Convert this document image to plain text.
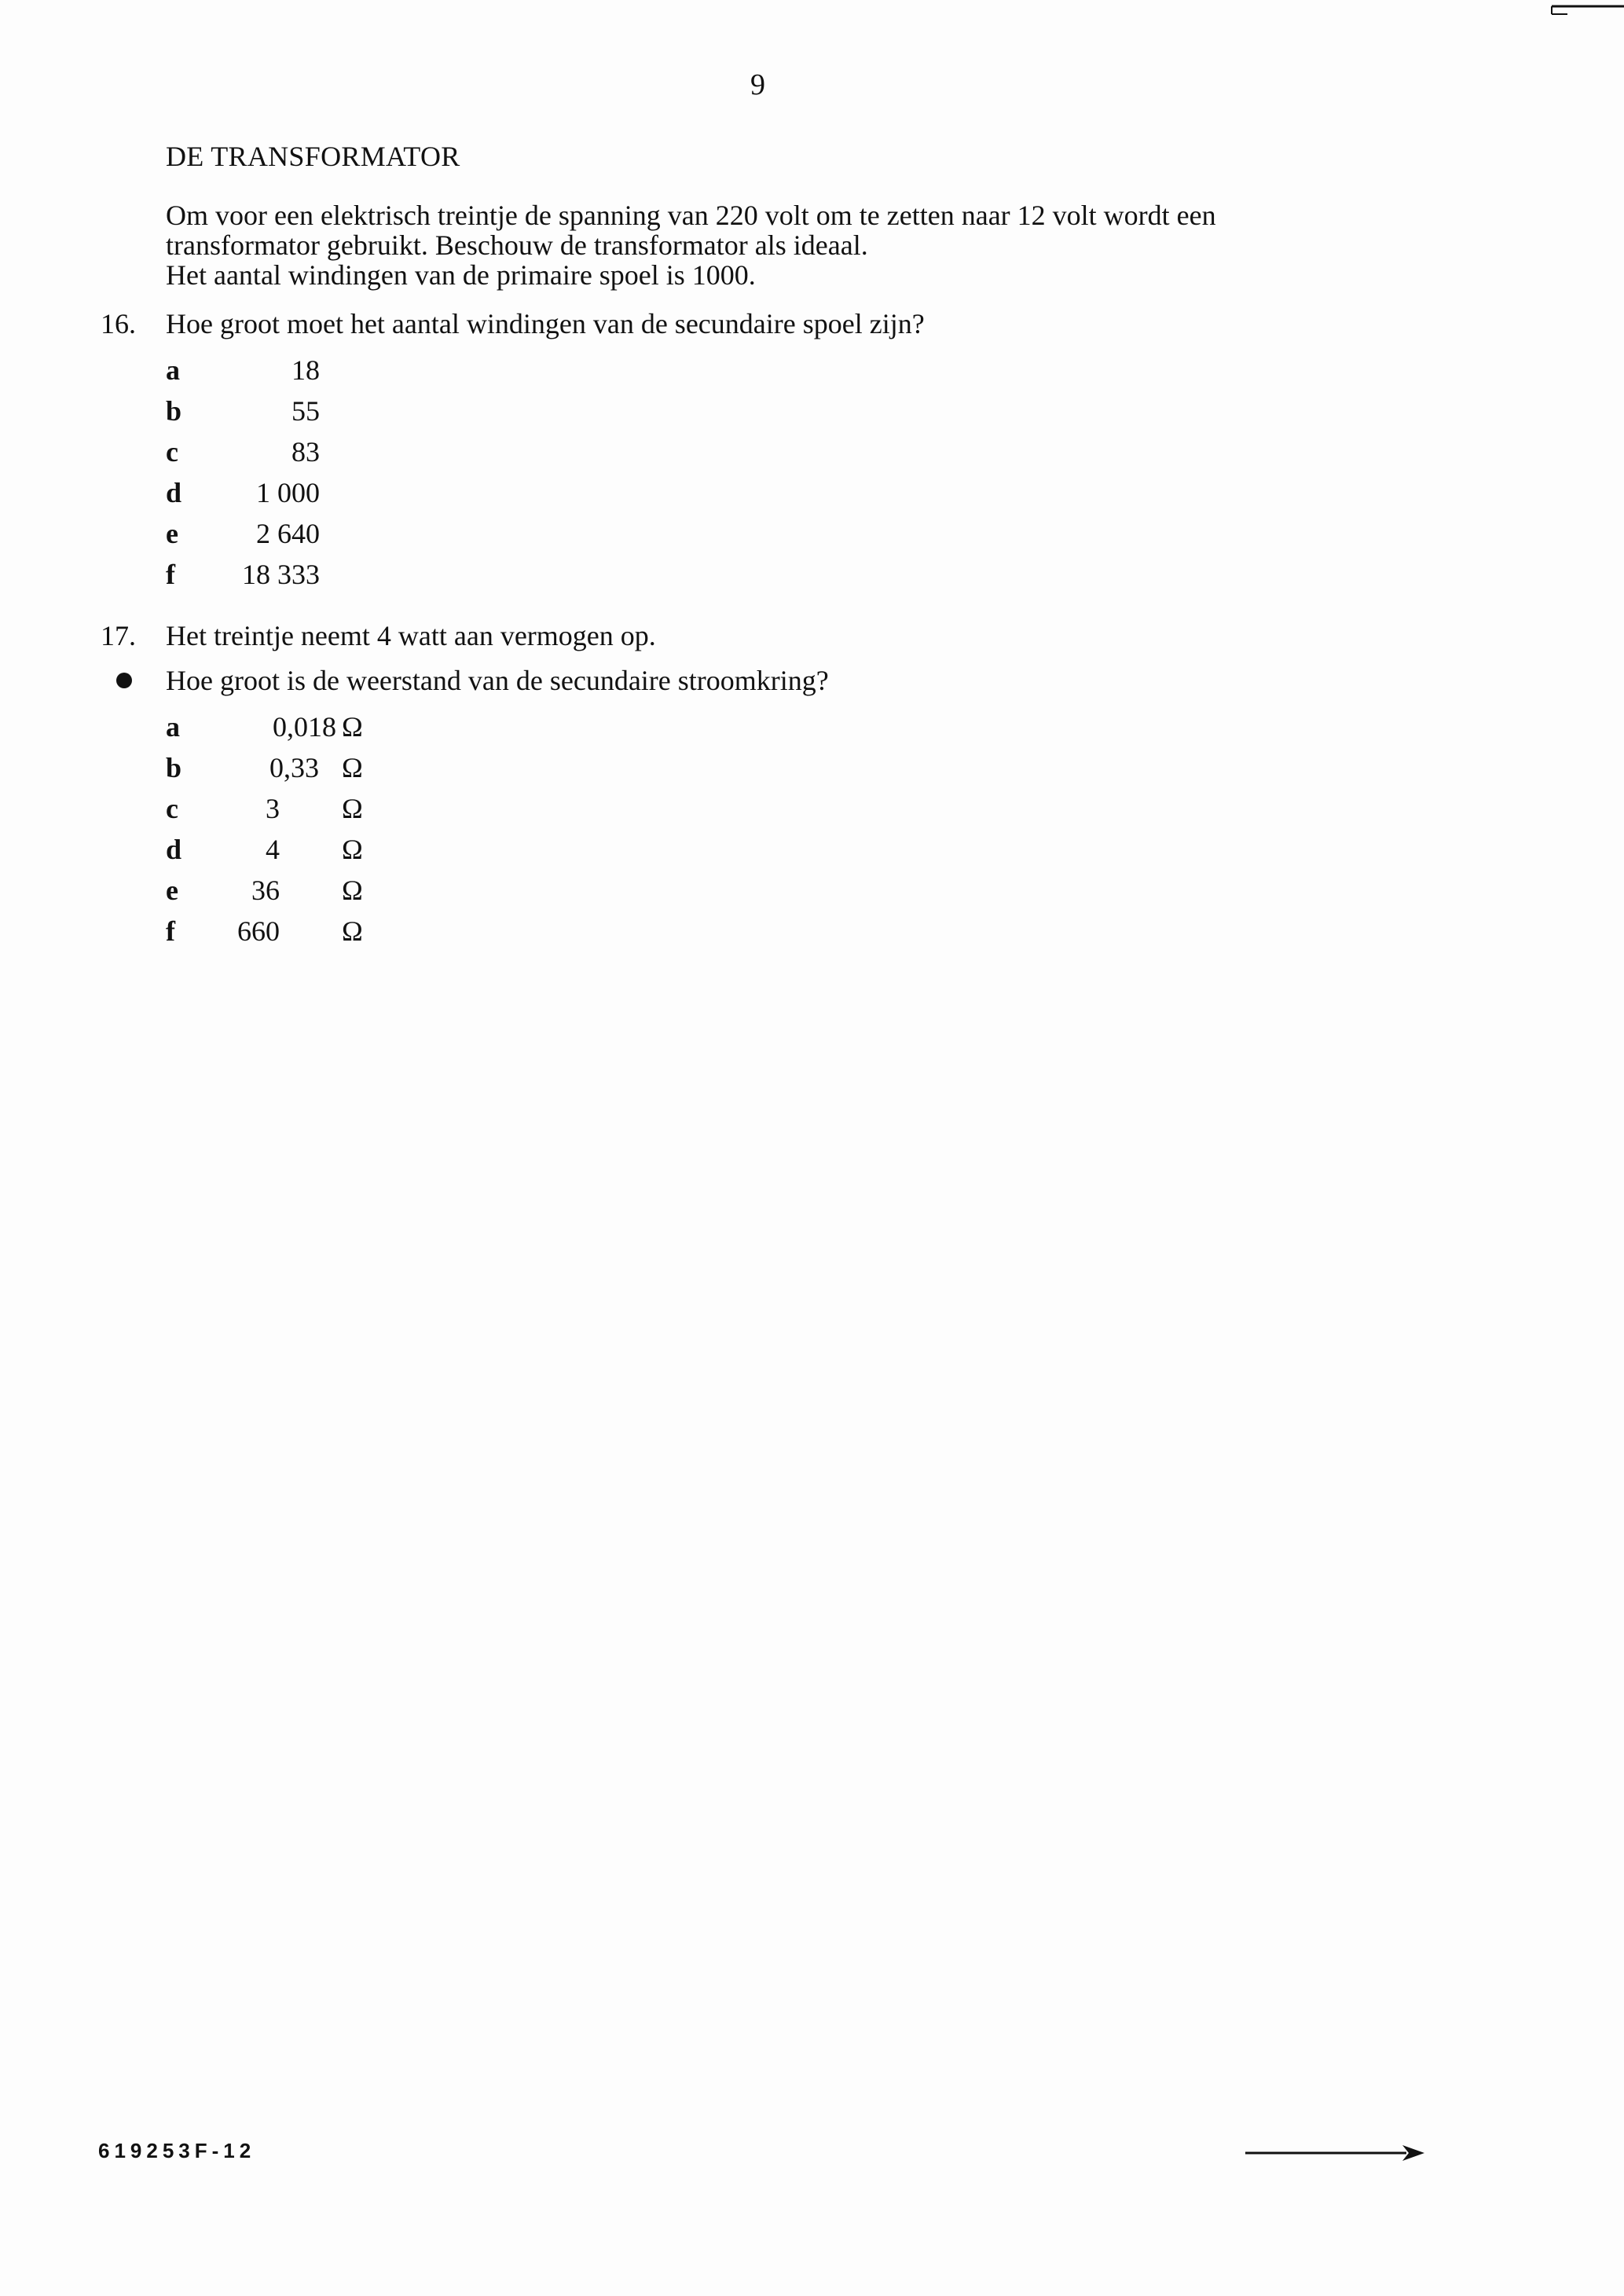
9
DE TRANSFORMATOR
Om voor een elektrisch treintje de spanning van 220 volt om te zetten naar 12 volt wordt een
transformator gebruikt. Beschouw de transformator als ideaal.
Het aantal windingen van de primaire spoel is 1000.
16. Hoe groot moet het aantal windingen van de secundaire spoel zijn?
a	18
b	55
c	83
d	1 000
e	2 640
f	18 333
17. Het treintje neemt 4 watt aan vermogen op.
Hoe groot is de weerstand van de secundaire stroomkring?
a	0,018 Ω
b	0,33 Ω
c	3 Ω
d	4 Ω
e	36 Ω
f	660 Ω
619253F-12
